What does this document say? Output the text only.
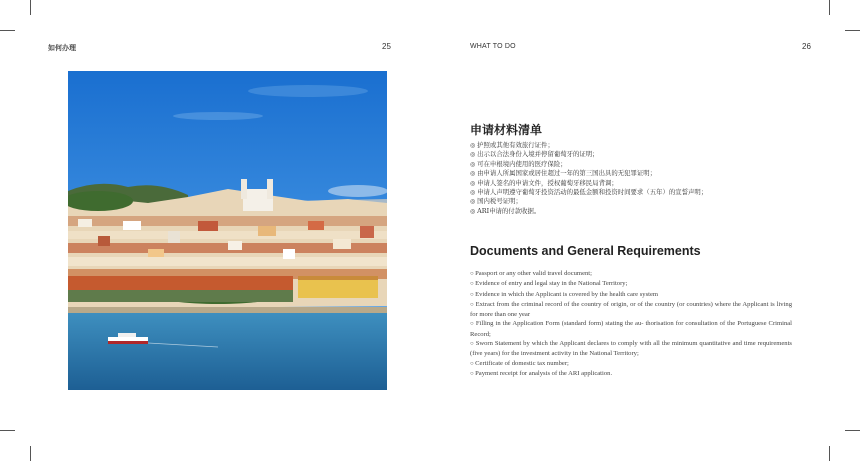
如何办理	25	WHAT TO DO	26
申请材料清单
◎ 护照或其他有效旅行证件；
◎ 出示以合法身份入境并停留葡萄牙的证明；
◎ 可在申根境内使用的医疗保险；
◎ 由申请人所属国家或居住超过一年的第三国出具的无犯罪证明；
◎ 申请人签名的申请文件，授权葡萄牙移民局背调；
◎ 申请人声明遵守葡萄牙投资活动的最低金额和投资时间要求（五年）的宣誓声明；
◎ 国内税号证明；
◎ ARI申请的付款收据。
Documents and General Requirements
○ Passport or any other valid travel document;
○ Evidence of entry and legal stay in the National Territory;
○ Evidence in which the Applicant is covered by the health care system
○ Extract from the criminal record of the country of origin, or of the country (or countries) where the Applicant is living for more than one year
○ Filling in the Application Form (standard form) stating the au- thorisation for consultation of the Portuguese Criminal Record;
○ Sworn Statement by which the Applicant declares to comply with all the minimum quantitative and time requirements (five years) for the investment activity in the National Territory;
○ Certificate of domestic tax number;
○ Payment receipt for analysis of the ARI application.
